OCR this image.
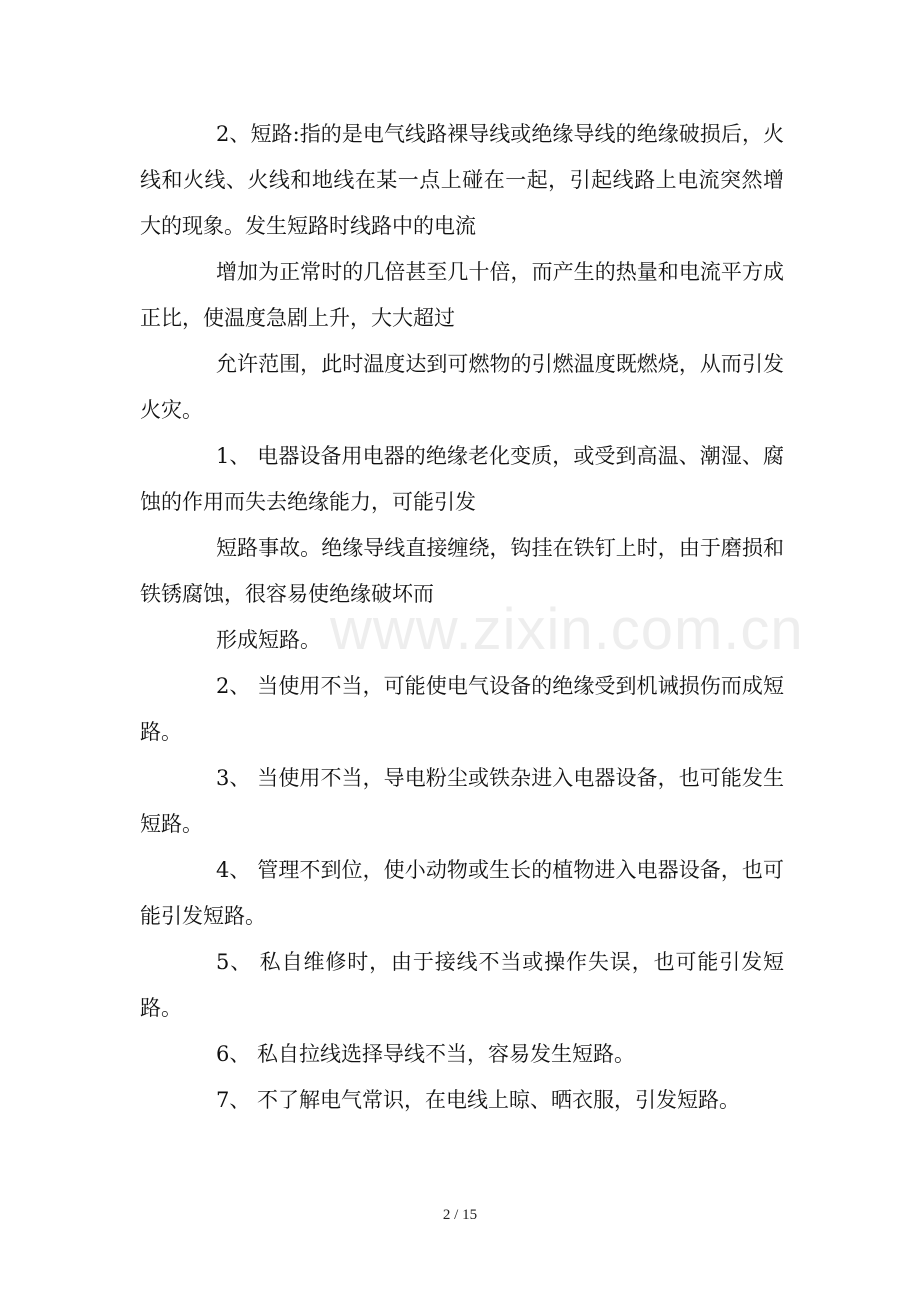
2、短路:指的是电气线路裸导线或绝缘导线的绝缘破损后，火线和火线、火线和地线在某一点上碰在一起，引起线路上电流突然增大的现象。发生短路时线路中的电流

增加为正常时的几倍甚至几十倍，而产生的热量和电流平方成正比，使温度急剧上升，大大超过

允许范围，此时温度达到可燃物的引燃温度既燃烧，从而引发火灾。

1、 电器设备用电器的绝缘老化变质，或受到高温、潮湿、腐蚀的作用而失去绝缘能力，可能引发

短路事故。绝缘导线直接缠绕，钩挂在铁钉上时，由于磨损和铁锈腐蚀，很容易使绝缘破坏而

形成短路。

2、 当使用不当，可能使电气设备的绝缘受到机诫损伤而成短路。

3、 当使用不当，导电粉尘或铁杂进入电器设备，也可能发生短路。

4、 管理不到位，使小动物或生长的植物进入电器设备，也可能引发短路。

5、 私自维修时，由于接线不当或操作失误，也可能引发短路。

6、 私自拉线选择导线不当，容易发生短路。

7、 不了解电气常识，在电线上晾、晒衣服，引发短路。

www.zixin.com.cn
2 / 15
